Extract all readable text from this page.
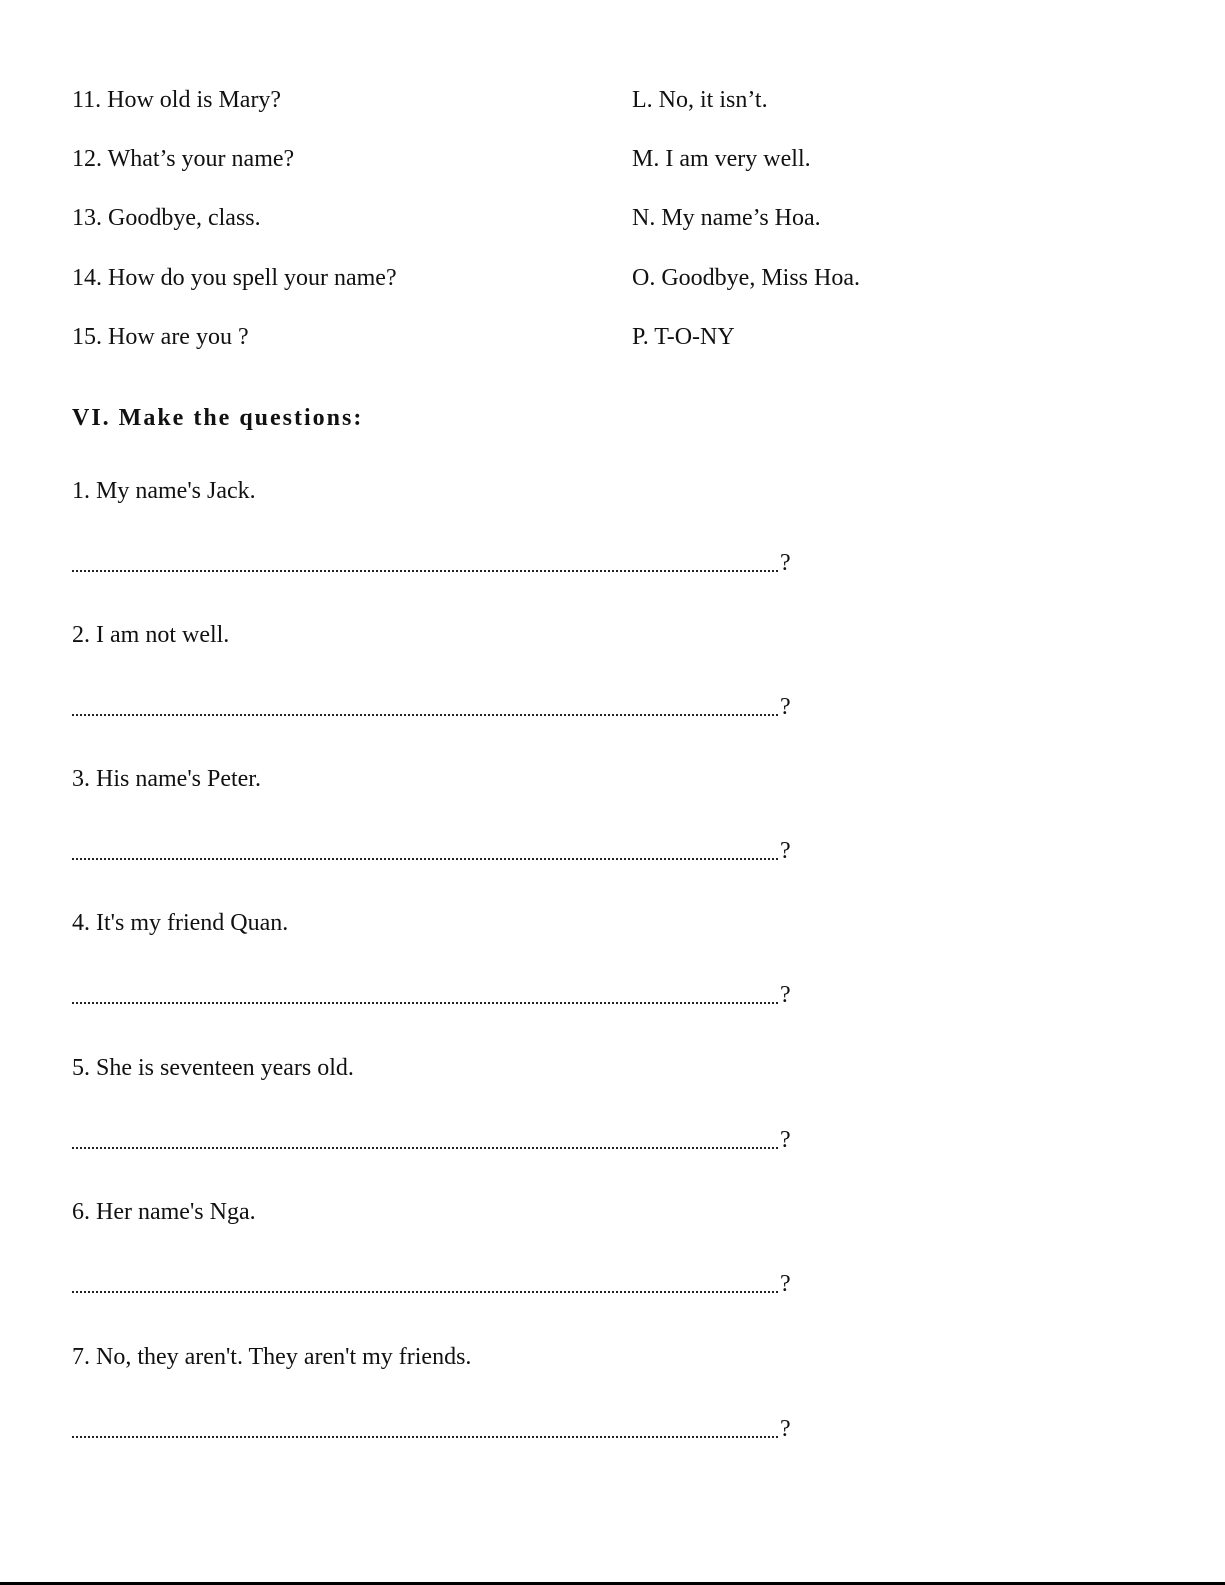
11. How old is Mary?	L. No, it isn’t.
12. What’s your name?	M. I am very well.
13. Goodbye, class.	N. My name’s Hoa.
14. How do you spell your name?	O. Goodbye, Miss Hoa.
15. How are you ?	P. T-O-NY
VI. Make the questions:
1. My name's Jack.
?
2. I am not well.
?
3. His name's Peter.
?
4. It's my friend Quan.
?
5. She is seventeen years old.
?
6. Her name's Nga.
?
7. No, they aren't. They aren't my friends.
?
